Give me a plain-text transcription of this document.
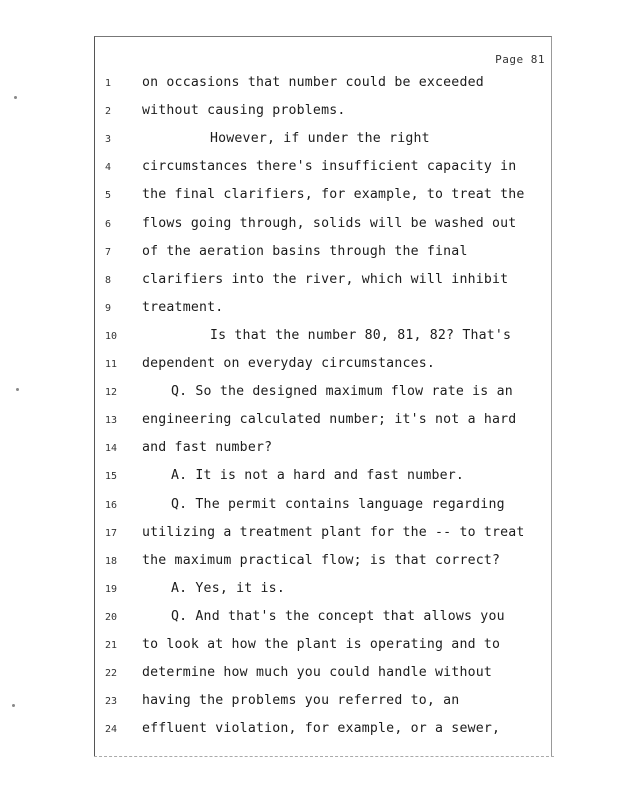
Page 81
1	on occasions that number could be exceeded
2	without causing problems.
3	However, if under the right
4	circumstances there's insufficient capacity in
5	the final clarifiers, for example, to treat the
6	flows going through, solids will be washed out
7	of the aeration basins through the final
8	clarifiers into the river, which will inhibit
9	treatment.
10	Is that the number 80, 81, 82? That's
11	dependent on everyday circumstances.
12	Q. So the designed maximum flow rate is an
13	engineering calculated number; it's not a hard
14	and fast number?
15	A. It is not a hard and fast number.
16	Q. The permit contains language regarding
17	utilizing a treatment plant for the -- to treat
18	the maximum practical flow; is that correct?
19	A. Yes, it is.
20	Q. And that's the concept that allows you
21	to look at how the plant is operating and to
22	determine how much you could handle without
23	having the problems you referred to, an
24	effluent violation, for example, or a sewer,
